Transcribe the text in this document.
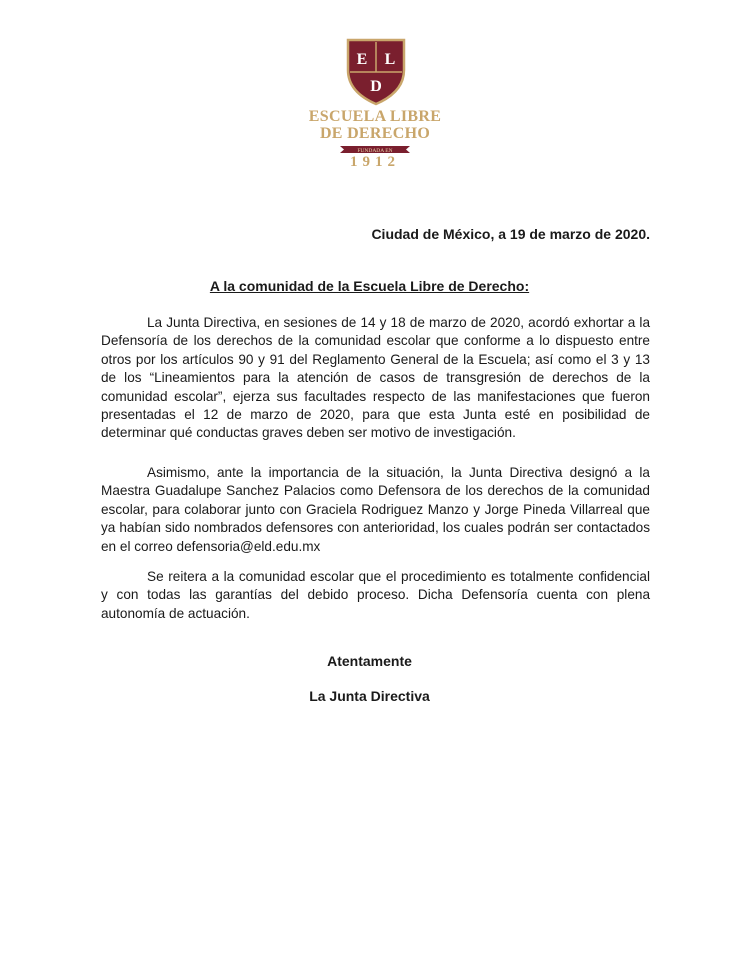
E L
D
ESCUELA LIBRE
DE DERECHO
FUNDADA EN
1912
Ciudad de México, a 19 de marzo de 2020.
A la comunidad de la Escuela Libre de Derecho:

La Junta Directiva, en sesiones de 14 y 18 de marzo de 2020, acordó exhortar a la Defensoría de los derechos de la comunidad escolar que conforme a lo dispuesto entre otros por los artículos 90 y 91 del Reglamento General de la Escuela; así como el 3 y 13 de los “Lineamientos para la atención de casos de transgresión de derechos de la comunidad escolar”, ejerza sus facultades respecto de las manifestaciones que fueron presentadas el 12 de marzo de 2020, para que esta Junta esté en posibilidad de determinar qué conductas graves deben ser motivo de investigación.

Asimismo, ante la importancia de la situación, la Junta Directiva designó a la Maestra Guadalupe Sanchez Palacios como Defensora de los derechos de la comunidad escolar, para colaborar junto con Graciela Rodriguez Manzo y Jorge Pineda Villarreal que ya habían sido nombrados defensores con anterioridad, los cuales podrán ser contactados en el correo defensoria@eld.edu.mx

Se reitera a la comunidad escolar que el procedimiento es totalmente confidencial y con todas las garantías del debido proceso. Dicha Defensoría cuenta con plena autonomía de actuación.

Atentamente
La Junta Directiva
